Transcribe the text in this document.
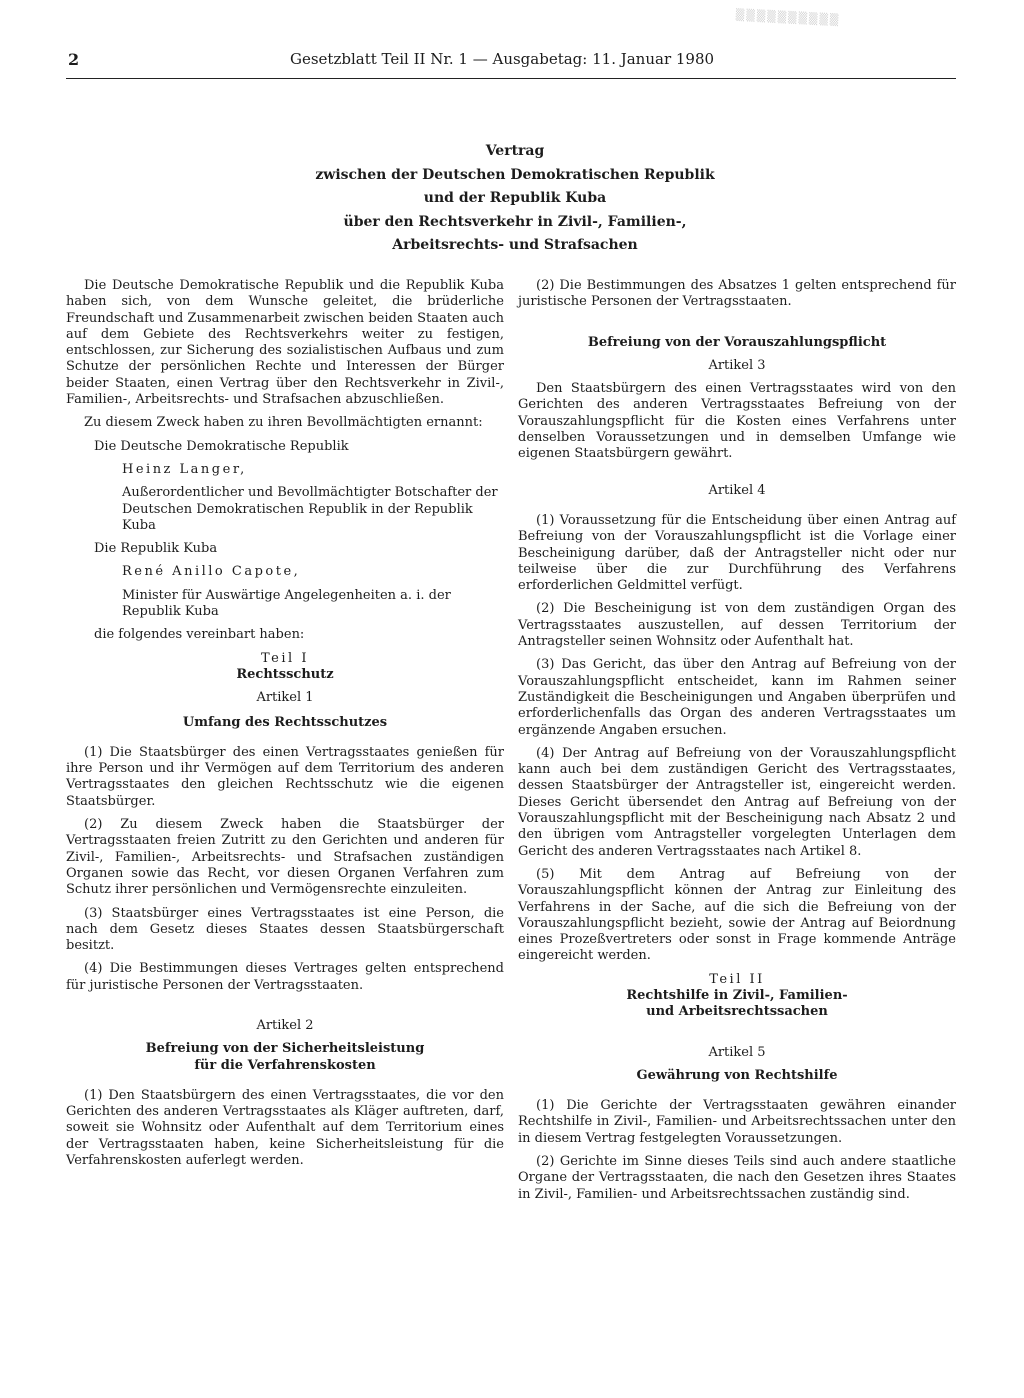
▒▒▒▒▒▒▒▒▒▒
2	Gesetzblatt Teil II Nr. 1 — Ausgabetag: 11. Januar 1980
Vertrag
zwischen der Deutschen Demokratischen Republik
und der Republik Kuba
über den Rechtsverkehr in Zivil-, Familien-,
Arbeitsrechts- und Strafsachen

Die Deutsche Demokratische Republik und die Republik Kuba haben sich, von dem Wunsche geleitet, die brüderliche Freundschaft und Zusammenarbeit zwischen beiden Staaten auch auf dem Gebiete des Rechtsverkehrs weiter zu festigen, entschlossen, zur Sicherung des sozialistischen Aufbaus und zum Schutze der persönlichen Rechte und Interessen der Bürger beider Staaten, einen Vertrag über den Rechtsverkehr in Zivil-, Familien-, Arbeitsrechts- und Strafsachen abzuschließen.

Zu diesem Zweck haben zu ihren Bevollmächtigten ernannt:

Die Deutsche Demokratische Republik

Heinz Langer,

Außerordentlicher und Bevollmächtigter Botschafter der Deutschen Demokratischen Republik in der Republik Kuba

Die Republik Kuba

René Anillo Capote,

Minister für Auswärtige Angelegenheiten a. i. der Republik Kuba

die folgendes vereinbart haben:

Teil I

Rechtsschutz

Artikel 1

Umfang des Rechtsschutzes

(1) Die Staatsbürger des einen Vertragsstaates genießen für ihre Person und ihr Vermögen auf dem Territorium des anderen Vertragsstaates den gleichen Rechtsschutz wie die eigenen Staatsbürger.

(2) Zu diesem Zweck haben die Staatsbürger der Vertragsstaaten freien Zutritt zu den Gerichten und anderen für Zivil-, Familien-, Arbeitsrechts- und Strafsachen zuständigen Organen sowie das Recht, vor diesen Organen Verfahren zum Schutz ihrer persönlichen und Vermögensrechte einzuleiten.

(3) Staatsbürger eines Vertragsstaates ist eine Person, die nach dem Gesetz dieses Staates dessen Staatsbürgerschaft besitzt.

(4) Die Bestimmungen dieses Vertrages gelten entsprechend für juristische Personen der Vertragsstaaten.

Artikel 2

Befreiung von der Sicherheitsleistung für die Verfahrenskosten

(1) Den Staatsbürgern des einen Vertragsstaates, die vor den Gerichten des anderen Vertragsstaates als Kläger auftreten, darf, soweit sie Wohnsitz oder Aufenthalt auf dem Territorium eines der Vertragsstaaten haben, keine Sicherheitsleistung für die Verfahrenskosten auferlegt werden.

(2) Die Bestimmungen des Absatzes 1 gelten entsprechend für juristische Personen der Vertragsstaaten.

Befreiung von der Vorauszahlungspflicht

Artikel 3

Den Staatsbürgern des einen Vertragsstaates wird von den Gerichten des anderen Vertragsstaates Befreiung von der Vorauszahlungspflicht für die Kosten eines Verfahrens unter denselben Voraussetzungen und in demselben Umfange wie eigenen Staatsbürgern gewährt.

Artikel 4

(1) Voraussetzung für die Entscheidung über einen Antrag auf Befreiung von der Vorauszahlungspflicht ist die Vorlage einer Bescheinigung darüber, daß der Antragsteller nicht oder nur teilweise über die zur Durchführung des Verfahrens erforderlichen Geldmittel verfügt.

(2) Die Bescheinigung ist von dem zuständigen Organ des Vertragsstaates auszustellen, auf dessen Territorium der Antragsteller seinen Wohnsitz oder Aufenthalt hat.

(3) Das Gericht, das über den Antrag auf Befreiung von der Vorauszahlungspflicht entscheidet, kann im Rahmen seiner Zuständigkeit die Bescheinigungen und Angaben überprüfen und erforderlichenfalls das Organ des anderen Vertragsstaates um ergänzende Angaben ersuchen.

(4) Der Antrag auf Befreiung von der Vorauszahlungspflicht kann auch bei dem zuständigen Gericht des Vertragsstaates, dessen Staatsbürger der Antragsteller ist, eingereicht werden. Dieses Gericht übersendet den Antrag auf Befreiung von der Vorauszahlungspflicht mit der Bescheinigung nach Absatz 2 und den übrigen vom Antragsteller vorgelegten Unterlagen dem Gericht des anderen Vertragsstaates nach Artikel 8.

(5) Mit dem Antrag auf Befreiung von der Vorauszahlungspflicht können der Antrag zur Einleitung des Verfahrens in der Sache, auf die sich die Befreiung von der Vorauszahlungspflicht bezieht, sowie der Antrag auf Beiordnung eines Prozeßvertreters oder sonst in Frage kommende Anträge eingereicht werden.

Teil II

Rechtshilfe in Zivil-, Familien-

und Arbeitsrechtssachen

Artikel 5

Gewährung von Rechtshilfe

(1) Die Gerichte der Vertragsstaaten gewähren einander Rechtshilfe in Zivil-, Familien- und Arbeitsrechtssachen unter den in diesem Vertrag festgelegten Voraussetzungen.

(2) Gerichte im Sinne dieses Teils sind auch andere staatliche Organe der Vertragsstaaten, die nach den Gesetzen ihres Staates in Zivil-, Familien- und Arbeitsrechtssachen zuständig sind.
